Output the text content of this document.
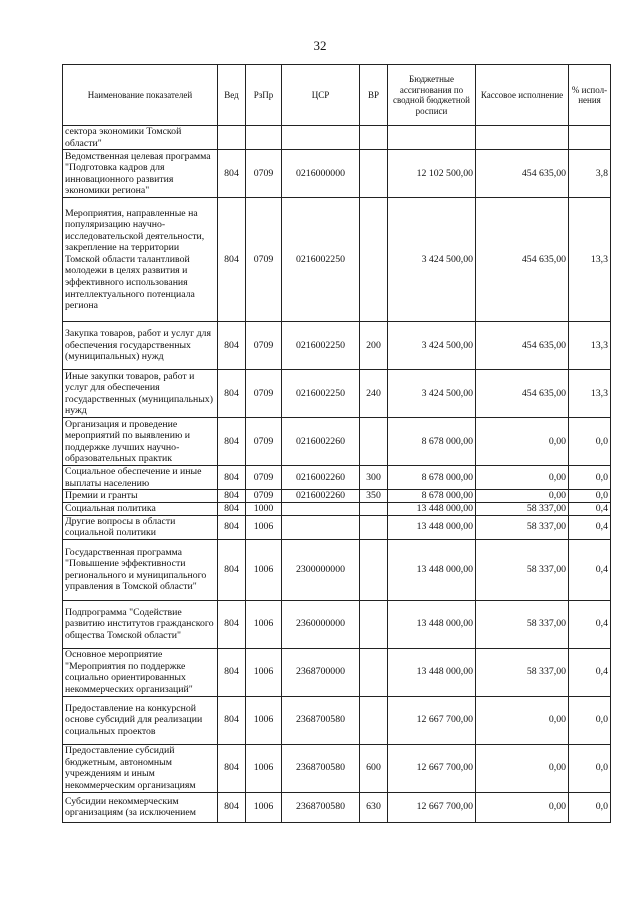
32
Наименование показателей	Вед	РзПр	ЦСР	ВР	Бюджетные ассигнования по сводной бюджетной росписи	Кассовое исполнение	% испол-нения
сектора экономики Томской области"							
Ведомственная целевая программа "Подготовка кадров для инновационного развития экономики региона"	804	0709	0216000000		12 102 500,00	454 635,00	3,8
Мероприятия, направленные на популяризацию научно-исследовательской деятельности, закрепление на территории Томской области талантливой молодежи в целях развития и эффективного использования интеллектуального потенциала региона	804	0709	0216002250		3 424 500,00	454 635,00	13,3
Закупка товаров, работ и услуг для обеспечения государственных (муниципальных) нужд	804	0709	0216002250	200	3 424 500,00	454 635,00	13,3
Иные закупки товаров, работ и услуг для обеспечения государственных (муниципальных) нужд	804	0709	0216002250	240	3 424 500,00	454 635,00	13,3
Организация и проведение мероприятий по выявлению и поддержке лучших научно-образовательных практик	804	0709	0216002260		8 678 000,00	0,00	0,0
Социальное обеспечение и иные выплаты населению	804	0709	0216002260	300	8 678 000,00	0,00	0,0
Премии и гранты	804	0709	0216002260	350	8 678 000,00	0,00	0,0
Социальная политика	804	1000			13 448 000,00	58 337,00	0,4
Другие вопросы в области социальной политики	804	1006			13 448 000,00	58 337,00	0,4
Государственная программа "Повышение эффективности регионального и муниципального управления в Томской области"	804	1006	2300000000		13 448 000,00	58 337,00	0,4
Подпрограмма "Содействие развитию институтов гражданского общества Томской области"	804	1006	2360000000		13 448 000,00	58 337,00	0,4
Основное мероприятие "Мероприятия по поддержке социально ориентированных некоммерческих организаций"	804	1006	2368700000		13 448 000,00	58 337,00	0,4
Предоставление на конкурсной основе субсидий для реализации социальных проектов	804	1006	2368700580		12 667 700,00	0,00	0,0
Предоставление субсидий бюджетным, автономным учреждениям и иным некоммерческим организациям	804	1006	2368700580	600	12 667 700,00	0,00	0,0
Субсидии некоммерческим организациям (за исключением	804	1006	2368700580	630	12 667 700,00	0,00	0,0
